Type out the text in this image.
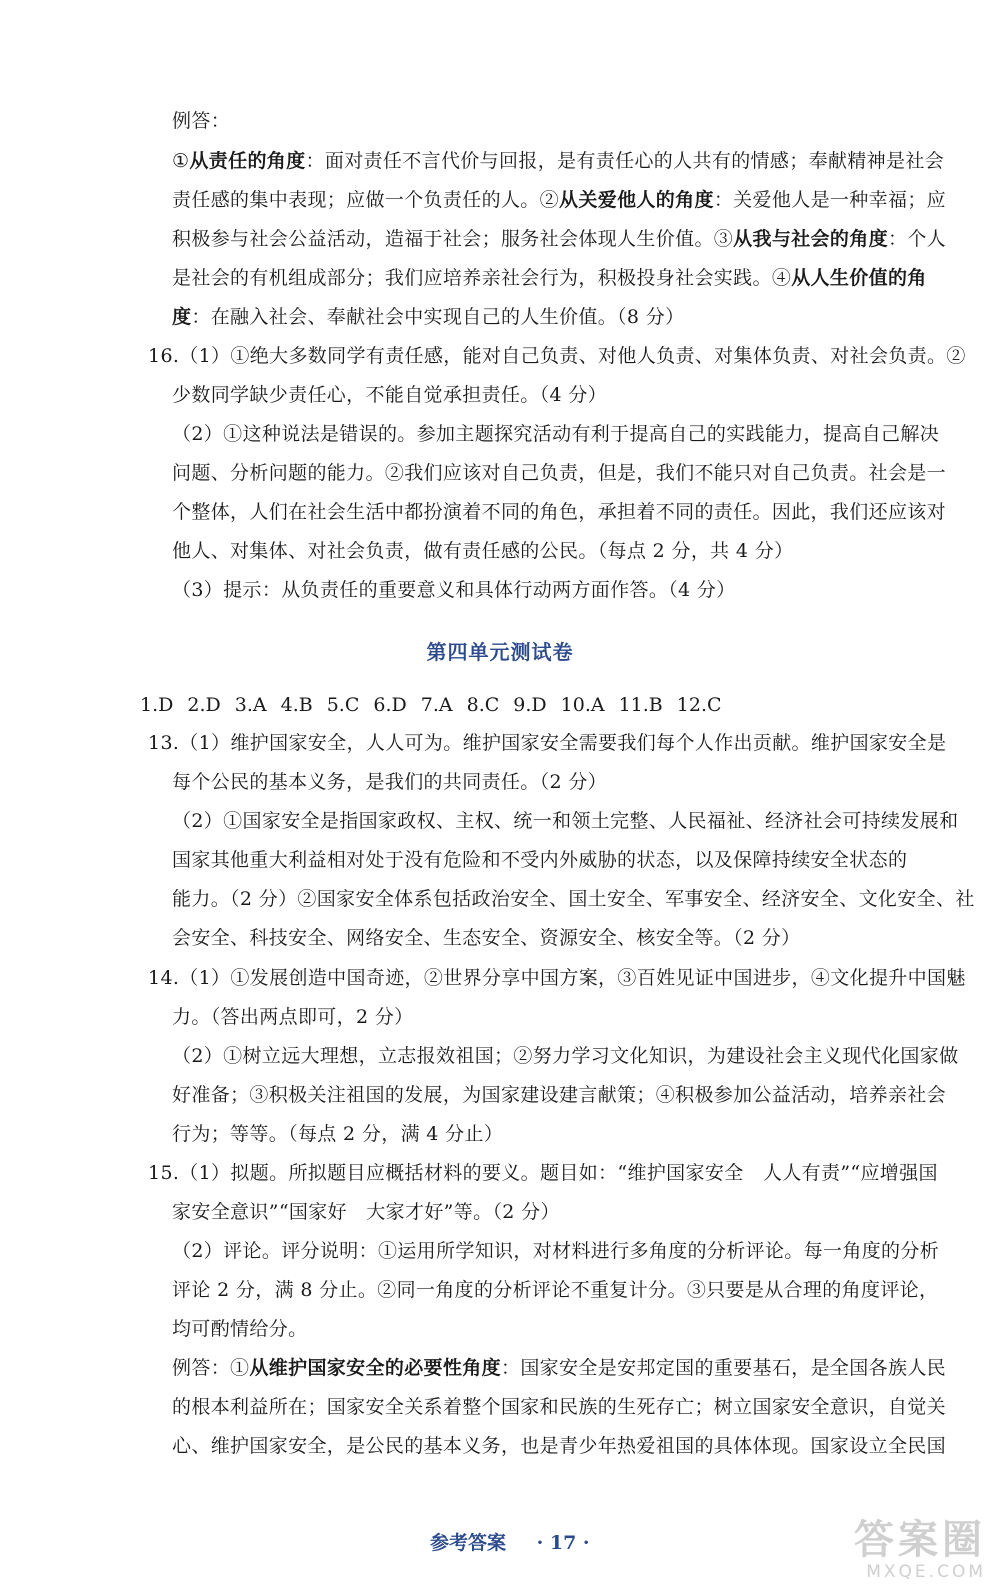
例答：
①从责任的角度：面对责任不言代价与回报，是有责任心的人共有的情感；奉献精神是社会
责任感的集中表现；应做一个负责任的人。②从关爱他人的角度：关爱他人是一种幸福；应
积极参与社会公益活动，造福于社会；服务社会体现人生价值。③从我与社会的角度：个人
是社会的有机组成部分；我们应培养亲社会行为，积极投身社会实践。④从人生价值的角
度：在融入社会、奉献社会中实现自己的人生价值。（8 分）
16.（1）①绝大多数同学有责任感，能对自己负责、对他人负责、对集体负责、对社会负责。②
少数同学缺少责任心，不能自觉承担责任。（4 分）
（2）①这种说法是错误的。参加主题探究活动有利于提高自己的实践能力，提高自己解决
问题、分析问题的能力。②我们应该对自己负责，但是，我们不能只对自己负责。社会是一
个整体，人们在社会生活中都扮演着不同的角色，承担着不同的责任。因此，我们还应该对
他人、对集体、对社会负责，做有责任感的公民。（每点 2 分，共 4 分）
（3）提示：从负责任的重要意义和具体行动两方面作答。（4 分）
13.（1）维护国家安全，人人可为。维护国家安全需要我们每个人作出贡献。维护国家安全是
每个公民的基本义务，是我们的共同责任。（2 分）
（2）①国家安全是指国家政权、主权、统一和领土完整、人民福祉、经济社会可持续发展和
国家其他重大利益相对处于没有危险和不受内外威胁的状态，以及保障持续安全状态的
能力。（2 分）②国家安全体系包括政治安全、国土安全、军事安全、经济安全、文化安全、社
会安全、科技安全、网络安全、生态安全、资源安全、核安全等。（2 分）
14.（1）①发展创造中国奇迹，②世界分享中国方案，③百姓见证中国进步，④文化提升中国魅
力。（答出两点即可，2 分）
（2）①树立远大理想，立志报效祖国；②努力学习文化知识，为建设社会主义现代化国家做
好准备；③积极关注祖国的发展，为国家建设建言献策；④积极参加公益活动，培养亲社会
行为；等等。（每点 2 分，满 4 分止）
15.（1）拟题。所拟题目应概括材料的要义。题目如：“维护国家安全　人人有责”“应增强国
家安全意识”“国家好　大家才好”等。（2 分）
（2）评论。评分说明：①运用所学知识，对材料进行多角度的分析评论。每一角度的分析
评论 2 分，满 8 分止。②同一角度的分析评论不重复计分。③只要是从合理的角度评论，
均可酌情给分。
例答：①从维护国家安全的必要性角度：国家安全是安邦定国的重要基石，是全国各族人民
的根本利益所在；国家安全关系着整个国家和民族的生死存亡；树立国家安全意识，自觉关
心、维护国家安全，是公民的基本义务，也是青少年热爱祖国的具体体现。国家设立全民国
第四单元测试卷
1.D 2.D 3.A 4.B 5.C 6.D 7.A 8.C 9.D 10.A 11.B 12.C
参考答案 · 17 ·	答案圈
MXQE.COM
